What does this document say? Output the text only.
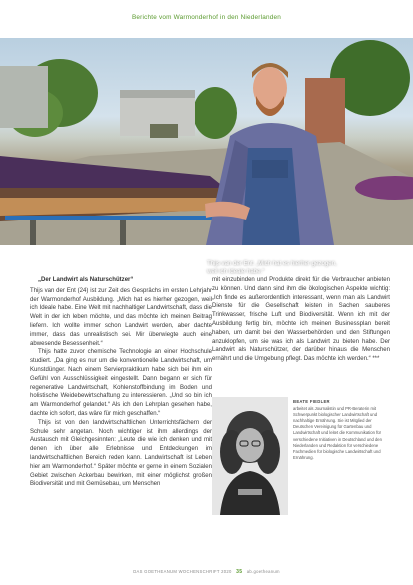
Berichte vom Warmonderhof in den Niederlanden
Thijs van der Ent: „Mich hat es hierher gezogen,
weil ich Ideale habe.“

„Der Landwirt als Naturschützer“

Thijs van der Ent (24) ist zur Zeit des Gesprächs im ersten Lehrjahr der Warmonderhof Ausbildung. „Mich hat es hierher gezogen, weil ich Ideale habe. Eine Welt mit nachhaltiger Landwirtschaft, dass die Welt in der ich leben möchte, und das möchte ich meinen Beitrag liefern. Ich wollte immer schon Landwirt werden, aber dachte immer, dass das unrealistisch sei. Mir überwiegte auch eine abwesende Besessenheit.“

Thijs hatte zuvor chemische Technologie an einer Hochschule studiert. „Da ging es nur um die konventionelle Landwirtschaft, um Kunstdünger. Nach einem Servierpraktikum habe sich bei ihm ein Gefühl von Ausschlüssigkeit eingestellt. Dann begann er sich für regenerative Landwirtschaft, Kohlenstoffbindung im Boden und holistische Weidebewirtschaftung zu interessieren. „Und so bin ich am Warmonderhof gelandet.“ Als ich den Lehrplan gesehen habe, dachte ich sofort, das wäre für mich geschaffen.“

Thijs ist von den landwirtschaftlichen Unterrichtsfächern der Schule sehr angetan. Noch wichtiger ist ihm allerdings der Austausch mit Gleichgesinnten: „Leute die wie ich denken und mit denen ich über alle Erlebnisse und Entdeckungen im landwirtschaftlichen Bereich reden kann. Landwirtschaft ist Leben hier am Warmonderhof.“ Später möchte er gerne in einem Sozialen Gebiet zwischen Ackerbau bewirken, mit einer möglichst großen Biodiversität und mit Gemüsebau, um Menschen

mit einzubinden und Produkte direkt für die Verbraucher anbieten zu können. Und dann sind ihm die ökologischen Aspekte wichtig: „Ich finde es außerordentlich interessant, wenn man als Landwirt Dienste für die Gesellschaft leisten in Sachen sauberes Trinkwasser, frische Luft und Biodiversität. Wenn ich mit der Ausbildung fertig bin, möchte ich meinen Businessplan bereit haben, um damit bei den Wasserbehörden und den Stiftungen anzuklopfen, um sie was ich als Landwirt zu bieten habe. Der Landwirt als Naturschützer, der darüber hinaus die Menschen ernährt und die Umgebung pflegt. Das möchte ich werden.“ ***

BEATE FIEDLER
arbeitet als Journalistin und PR-Beraterin mit Schwerpunkt biologischer Landwirtschaft und nachhaltige Ernährung. Sie ist Mitglied der Deutschen Vereinigung für Gartenbau und Landwirtschaft und leitet die Kommunikation für verschiedene Initiativen in Deutschland und den Niederlanden und Redaktion für verschiedene Fachmedien für biologische Landwirtschaft und Ernährung.
DAS GOETHEANUM WOCHENSCHRIFT 2020 35 ab.goetheanum
